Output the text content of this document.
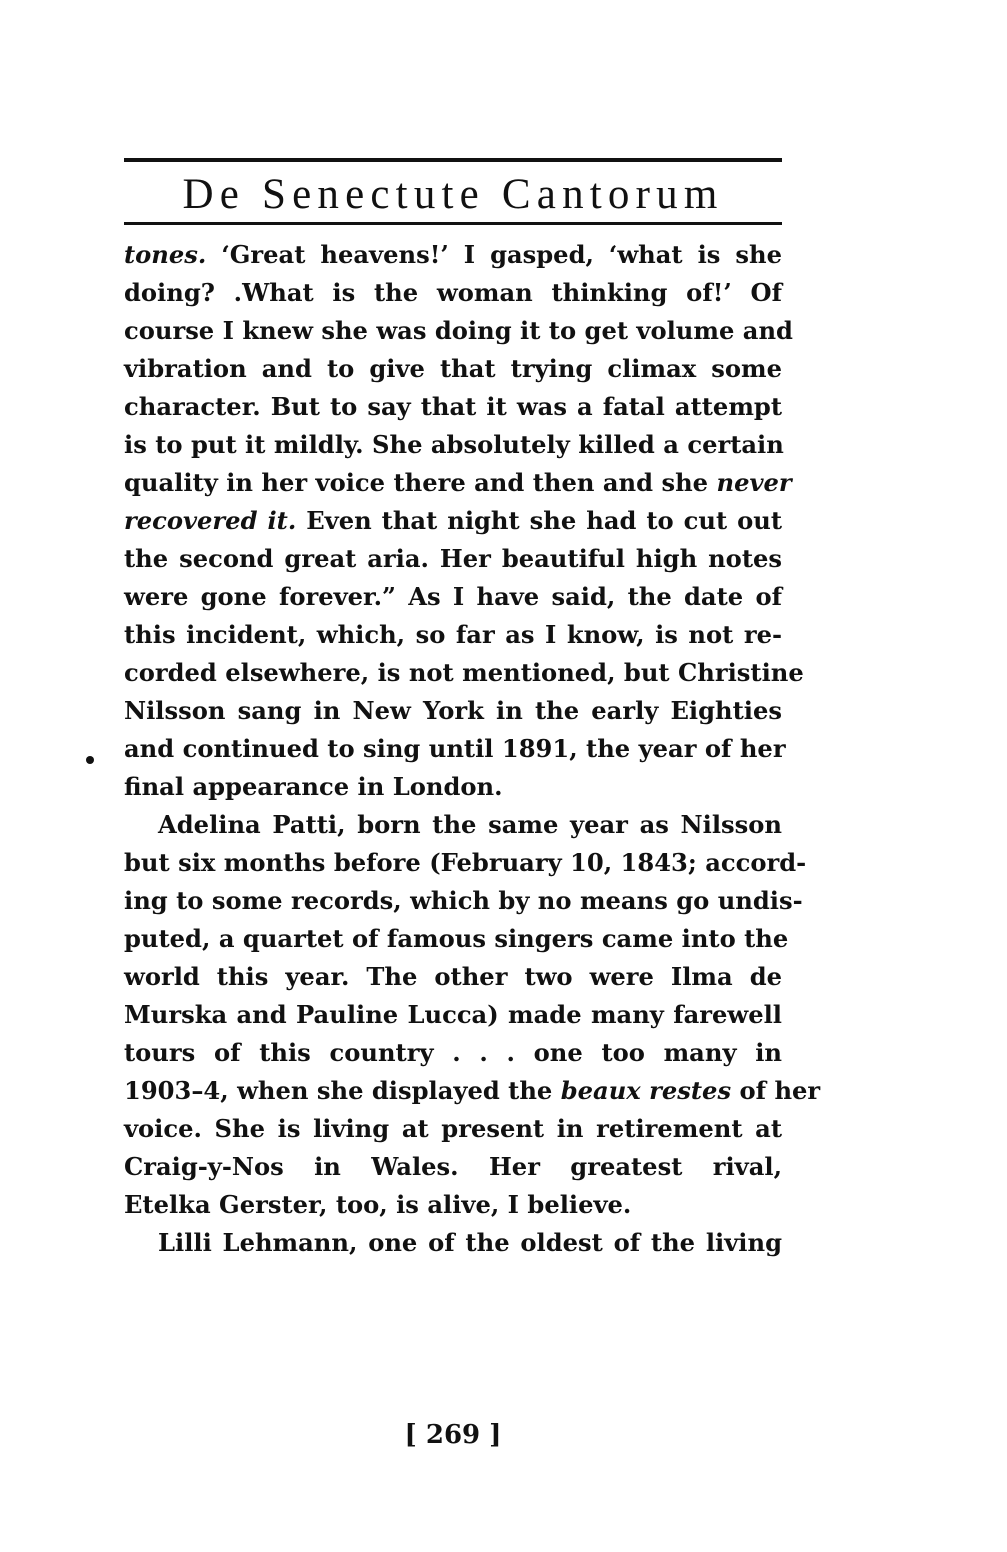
De Senectute Cantorum
tones. ‘Great heavens!’ I gasped, ‘what is she
doing? .What is the woman thinking of!’ Of
course I knew she was doing it to get volume and
vibration and to give that trying climax some
character. But to say that it was a fatal attempt
is to put it mildly. She absolutely killed a certain
quality in her voice there and then and she never
recovered it. Even that night she had to cut out
the second great aria. Her beautiful high notes
were gone forever.” As I have said, the date of
this incident, which, so far as I know, is not re-
corded elsewhere, is not mentioned, but Christine
Nilsson sang in New York in the early Eighties
and continued to sing until 1891, the year of her
final appearance in London.
Adelina Patti, born the same year as Nilsson
but six months before (February 10, 1843; accord-
ing to some records, which by no means go undis-
puted, a quartet of famous singers came into the
world this year. The other two were Ilma de
Murska and Pauline Lucca) made many farewell
tours of this country . . . one too many in
1903–4, when she displayed the beaux restes of her
voice. She is living at present in retirement at
Craig-y-Nos in Wales. Her greatest rival,
Etelka Gerster, too, is alive, I believe.
Lilli Lehmann, one of the oldest of the living
[ 269 ]
